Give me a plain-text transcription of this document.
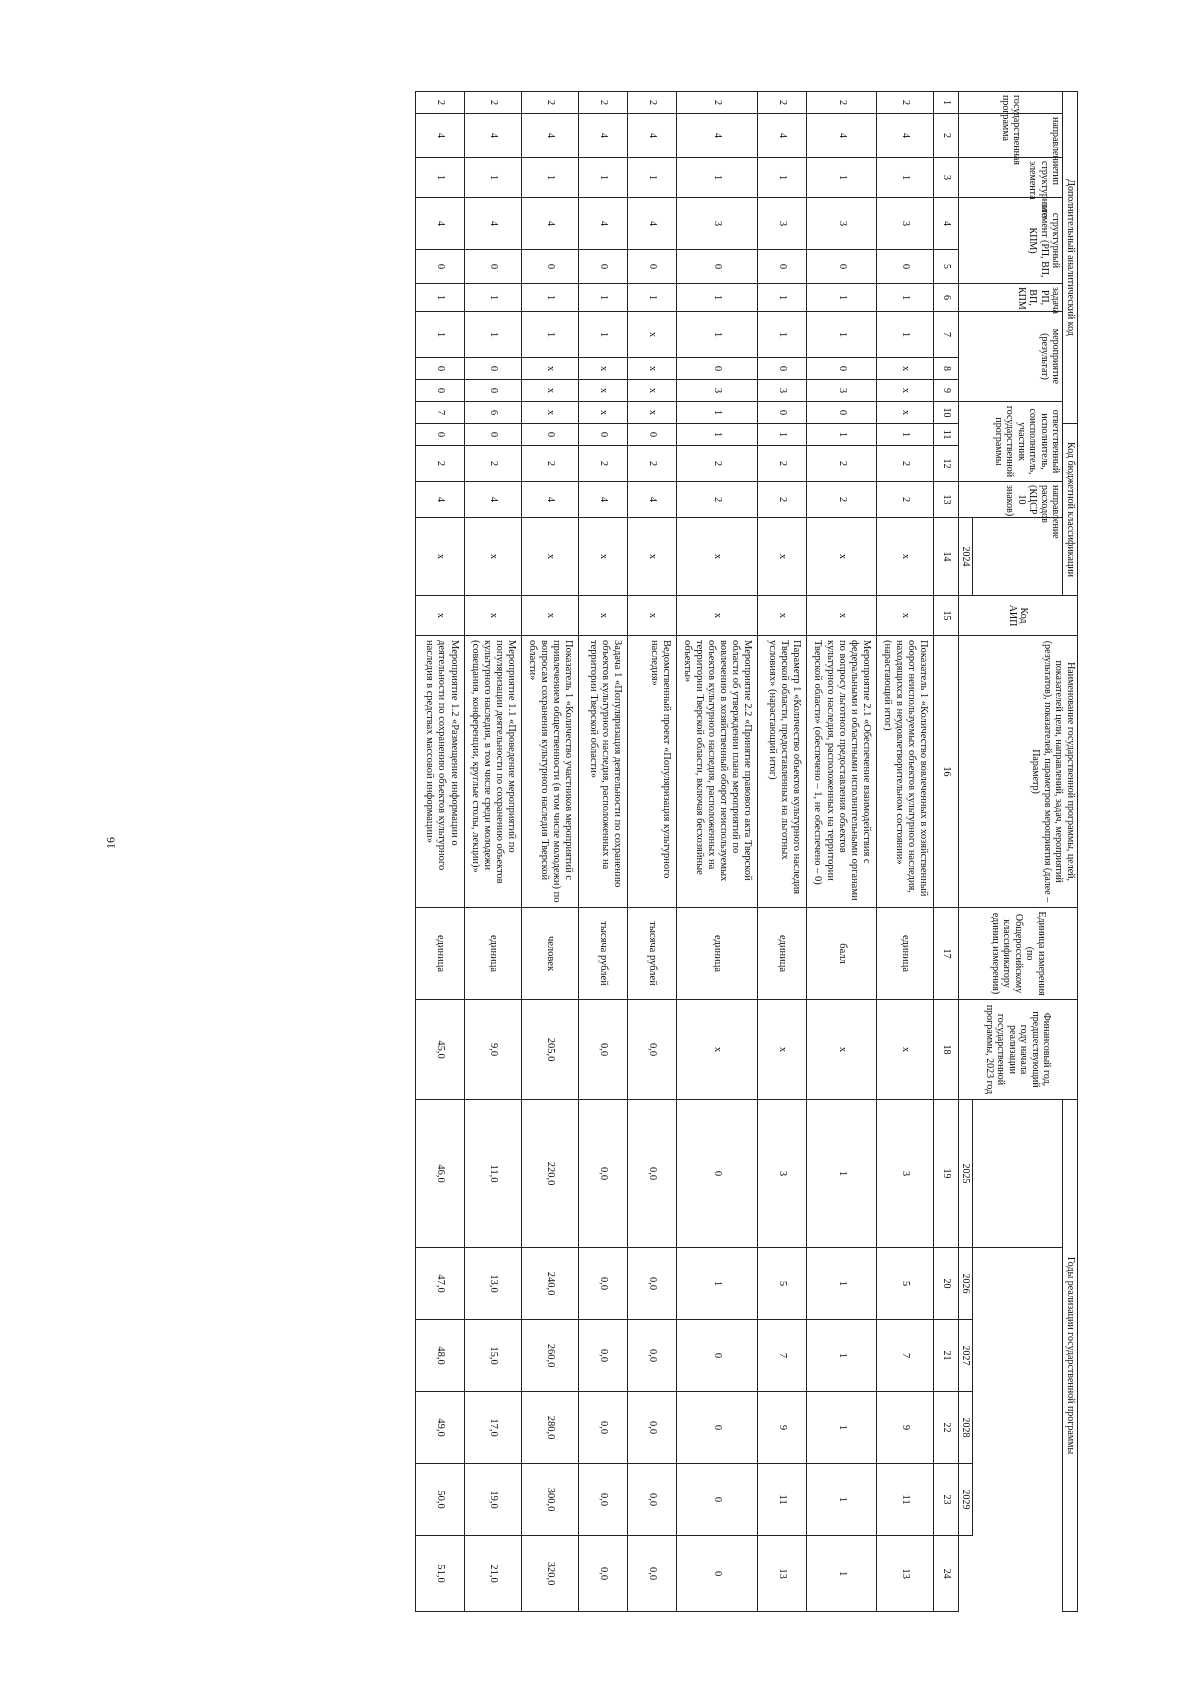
16
Дополнительный аналитический код										Код бюджетной классификации				Код АИП	Наименование государственной программы, целей, показателей цели, направлений, задач, мероприятий (результатов), показателей, параметров мероприятия (далее – Параметр)	Единица измерения (по Общероссийскому классификатору единиц измерения)	Финансовый год, предшествующий году начала реализации государственной программы, 2023 год	Годы реализации государственной программы					
государственная программа	направление	тип структурного элемента	структурный элемент (РП, ВП, КПМ)		задача РП, ВП, КПМ	мероприятие (результат)			ответственный исполнитель, соисполнитель, участник государственной программы			направление расходов (КЦСР 10 знаков)											
													2024					2025	2026	2027	2028	2029	
1	2	3	4	5	6	7	8	9	10	11	12	13	14	15	16	17	18	19	20	21	22	23	24
2	4	1	3	0	1	1	х	х	х	1	2	2	х	х	Показатель 1 «Количество вовлеченных в хозяйственный оборот неиспользуемых объектов культурного наследия, находящихся в неудовлетворительном состоянии» (нарастающий итог)	единица	х	3	5	7	9	11	13
2	4	1	3	0	1	1	0	3	0	1	2	2	х	х	Мероприятие 2.1 «Обеспечение взаимодействия с федеральными и областными исполнительными органами по вопросу льготного предоставления объектов культурного наследия, расположенных на территории Тверской области» (обеспечено – 1, не обеспечено – 0)	балл	х	1	1	1	1	1	1
2	4	1	3	0	1	1	0	3	0	1	2	2	х	х	Параметр 1 «Количество объектов культурного наследия Тверской области, предоставленных на льготных условиях» (нарастающий итог)	единица	х	3	5	7	9	11	13
2	4	1	3	0	1	1	0	3	1	1	2	2	х	х	Мероприятие 2.2 «Принятие правового акта Тверской области об утверждении плана мероприятий по вовлечению в хозяйственный оборот неиспользуемых объектов культурного наследия, расположенных на территории Тверской области, включая бесхозяйные объекты»	единица	х	0	1	0	0	0	0
2	4	1	4	0	1	х	х	х	х	0	2	4	х	х	Ведомственный проект «Популяризация культурного наследия»	тысяча рублей	0,0	0,0	0,0	0,0	0,0	0,0	0,0
2	4	1	4	0	1	1	х	х	х	0	2	4	х	х	Задача 1 «Популяризация деятельности по сохранению объектов культурного наследия, расположенных на территории Тверской области»	тысяча рублей	0,0	0,0	0,0	0,0	0,0	0,0	0,0
2	4	1	4	0	1	1	х	х	х	0	2	4	х	х	Показатель 1 «Количество участников мероприятий с привлечением общественности (в том числе молодежи) по вопросам сохранения культурного наследия Тверской области»	человек	205,0	220,0	240,0	260,0	280,0	300,0	320,0
2	4	1	4	0	1	1	0	0	6	0	2	4	х	х	Мероприятие 1.1 «Проведение мероприятий по популяризации деятельности по сохранению объектов культурного наследия, в том числе среди молодежи (совещания, конференции, круглые столы, лекции)»	единица	9,0	11,0	13,0	15,0	17,0	19,0	21,0
2	4	1	4	0	1	1	0	0	7	0	2	4	х	х	Мероприятие 1.2 «Размещение информации о деятельности по сохранению объектов культурного наследия в средствах массовой информации»	единица	45,0	46,0	47,0	48,0	49,0	50,0	51,0
